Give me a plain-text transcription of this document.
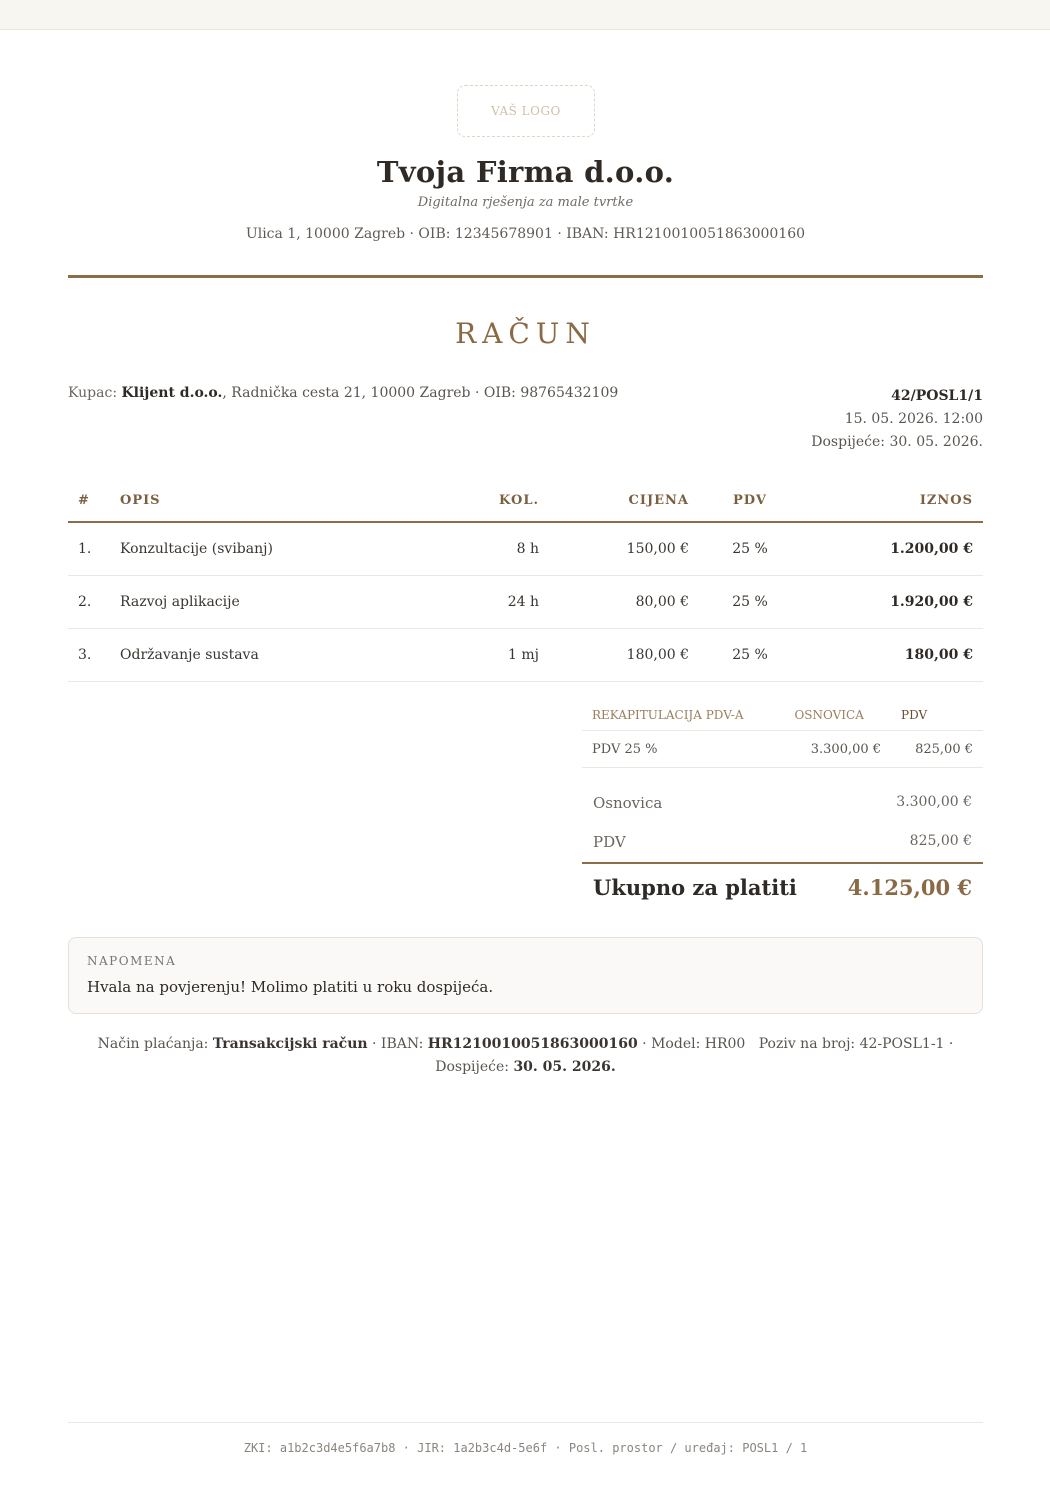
VAŠ LOGO
Tvoja Firma d.o.o.
Digitalna rješenja za male tvrtke
Ulica 1, 10000 Zagreb · OIB: 12345678901 · IBAN: HR1210010051863000160
RAČUN
Kupac: Klijent d.o.o., Radnička cesta 21, 10000 Zagreb · OIB: 98765432109	42/POSL1/1
15. 05. 2026. 12:00
Dospijeće: 30. 05. 2026.
#	OPIS	KOL.	CIJENA	PDV	IZNOS
1.	Konzultacije (svibanj)	8 h	150,00 €	25 %	1.200,00 €
2.	Razvoj aplikacije	24 h	80,00 €	25 %	1.920,00 €
3.	Održavanje sustava	1 mj	180,00 €	25 %	180,00 €
REKAPITULACIJA PDV-A	OSNOVICA	PDV
PDV 25 %	3.300,00 €	825,00 €
Osnovica	3.300,00 €
PDV	825,00 €
Ukupno za platiti 4.125,00 €
NAPOMENA
Hvala na povjerenju! Molimo platiti u roku dospijeća.
Način plaćanja: Transakcijski račun · IBAN: HR1210010051863000160 · Model: HR00 Poziv na broj: 42-POSL1-1 · Dospijeće: 30. 05. 2026.
ZKI: a1b2c3d4e5f6a7b8 · JIR: 1a2b3c4d-5e6f · Posl. prostor / uređaj: POSL1 / 1
